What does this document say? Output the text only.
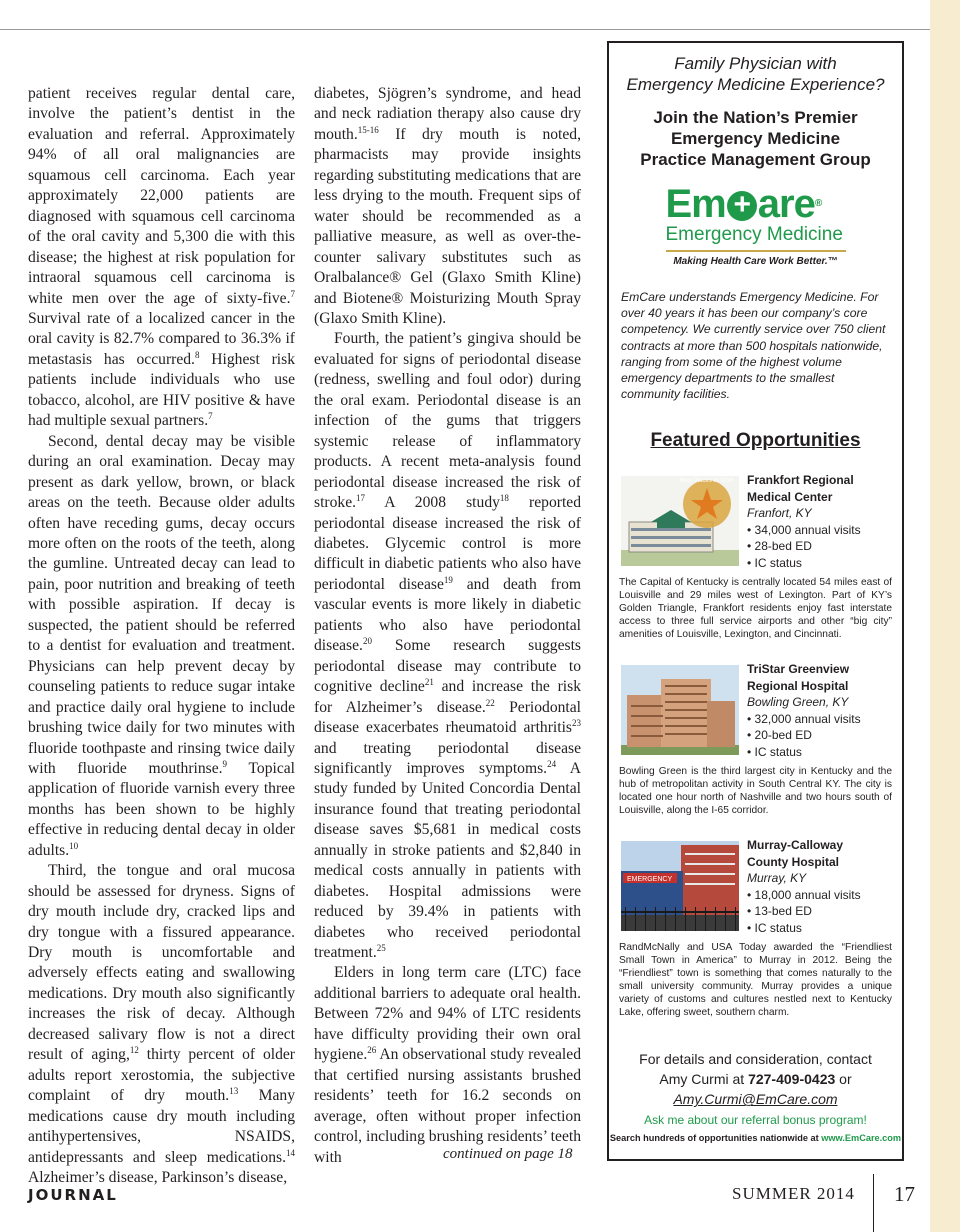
patient receives regular dental care, involve the patient’s dentist in the evaluation and referral. Approximately 94% of all oral malignancies are squamous cell carcinoma. Each year approximately 22,000 patients are diagnosed with squamous cell carcinoma of the oral cavity and 5,300 die with this disease; the highest at risk population for intraoral squamous cell carcinoma is white men over the age of sixty-five.$^7$ Survival rate of a localized cancer in the oral cavity is 82.7% compared to 36.3% if metastasis has occurred.$^8$ Highest risk patients include individuals who use tobacco, alcohol, are HIV positive & have had multiple sexual partners.$^7$

Second, dental decay may be visible during an oral examination. Decay may present as dark yellow, brown, or black areas on the teeth. Because older adults often have receding gums, decay occurs more often on the roots of the teeth, along the gumline. Untreated decay can lead to pain, poor nutrition and breaking of teeth with possible aspiration. If decay is suspected, the patient should be referred to a dentist for evaluation and treatment. Physicians can help prevent decay by counseling patients to reduce sugar intake and practice daily oral hygiene to include brushing twice daily for two minutes with fluoride toothpaste and rinsing twice daily with fluoride mouthrinse.$^9$ Topical application of fluoride varnish every three months has been shown to be highly effective in reducing dental decay in older adults.$^{10}$

Third, the tongue and oral mucosa should be assessed for dryness. Signs of dry mouth include dry, cracked lips and dry tongue with a fissured appearance. Dry mouth is uncomfortable and adversely effects eating and swallowing medications. Dry mouth also significantly increases the risk of decay. Although decreased salivary flow is not a direct result of aging,$^{12}$ thirty percent of older adults report xerostomia, the subjective complaint of dry mouth.$^{13}$ Many medications cause dry mouth including antihypertensives, NSAIDS, antidepressants and sleep medications.$^{14}$ Alzheimer’s disease, Parkinson’s disease,

diabetes, Sjögren’s syndrome, and head and neck radiation therapy also cause dry mouth.$^{15-16}$ If dry mouth is noted, pharmacists may provide insights regarding substituting medications that are less drying to the mouth. Frequent sips of water should be recommended as a palliative measure, as well as over-the-counter salivary substitutes such as Oralbalance® Gel (Glaxo Smith Kline) and Biotene® Moisturizing Mouth Spray (Glaxo Smith Kline).

Fourth, the patient’s gingiva should be evaluated for signs of periodontal disease (redness, swelling and foul odor) during the oral exam. Periodontal disease is an infection of the gums that triggers systemic release of inflammatory products. A recent meta-analysis found periodontal disease increased the risk of stroke.$^{17}$ A 2008 study$^{18}$ reported periodontal disease increased the risk of diabetes. Glycemic control is more difficult in diabetic patients who also have periodontal disease$^{19}$ and death from vascular events is more likely in diabetic patients who also have periodontal disease.$^{20}$ Some research suggests periodontal disease may contribute to cognitive decline$^{21}$ and increase the risk for Alzheimer’s disease.$^{22}$ Periodontal disease exacerbates rheumatoid arthritis$^{23}$ and treating periodontal disease significantly improves symptoms.$^{24}$ A study funded by United Concordia Dental insurance found that treating periodontal disease saves $5,681 in medical costs annually in stroke patients and $2,840 in medical costs annually in patients with diabetes. Hospital admissions were reduced by 39.4% in patients with diabetes who received periodontal treatment.$^{25}$

Elders in long term care (LTC) face additional barriers to adequate oral health. Between 72% and 94% of LTC residents have difficulty providing their own oral hygiene.$^{26}$ An observational study revealed that certified nursing assistants brushed residents’ teeth for 16.2 seconds on average, often without proper infection control, including brushing residents’ teeth with	continued on page 18
Family Physician with
Emergency Medicine Experience?
Join the Nation’s Premier
Emergency Medicine
Practice Management Group
Em + are®
Emergency Medicine
Making Health Care Work Better.™
EmCare understands Emergency Medicine. For over 40 years it has been our company’s core competency. We currently service over 750 client contracts at more than 500 hospitals nationwide, ranging from some of the highest volume emergency departments to the smallest community facilities.
Featured Opportunities
Best Places to Work Frankfort Regional
Medical Center
Franfort, KY
• 34,000 annual visits
• 28-bed ED
• IC status
The Capital of Kentucky is centrally located 54 miles east of Louisville and 29 miles west of Lexington. Part of KY’s Golden Triangle, Frankfort residents enjoy fast interstate access to three full service airports and other “big city” amenities of Louisville, Lexington, and Cincinnati.
TriStar Greenview
Regional Hospital
Bowling Green, KY
• 32,000 annual visits
• 20-bed ED
• IC status
Bowling Green is the third largest city in Kentucky and the hub of metropolitan activity in South Central KY. The city is located one hour north of Nashville and two hours south of Louisville, along the I-65 corridor.
EMERGENCY
Murray-Calloway
County Hospital
Murray, KY
• 18,000 annual visits
• 13-bed ED
• IC status
RandMcNally and USA Today awarded the “Friendliest Small Town in America” to Murray in 2012. Being the “Friendliest” town is something that comes naturally to the small university community. Murray provides a unique variety of customs and cultures nestled next to Kentucky Lake, offering sweet, southern charm.
For details and consideration, contact
Amy Curmi at 727-409-0423 or
Amy.Curmi@EmCare.com
Ask me about our referral bonus program!
Search hundreds of opportunities nationwide at www.EmCare.com
JOURNAL	SUMMER 2014 17
